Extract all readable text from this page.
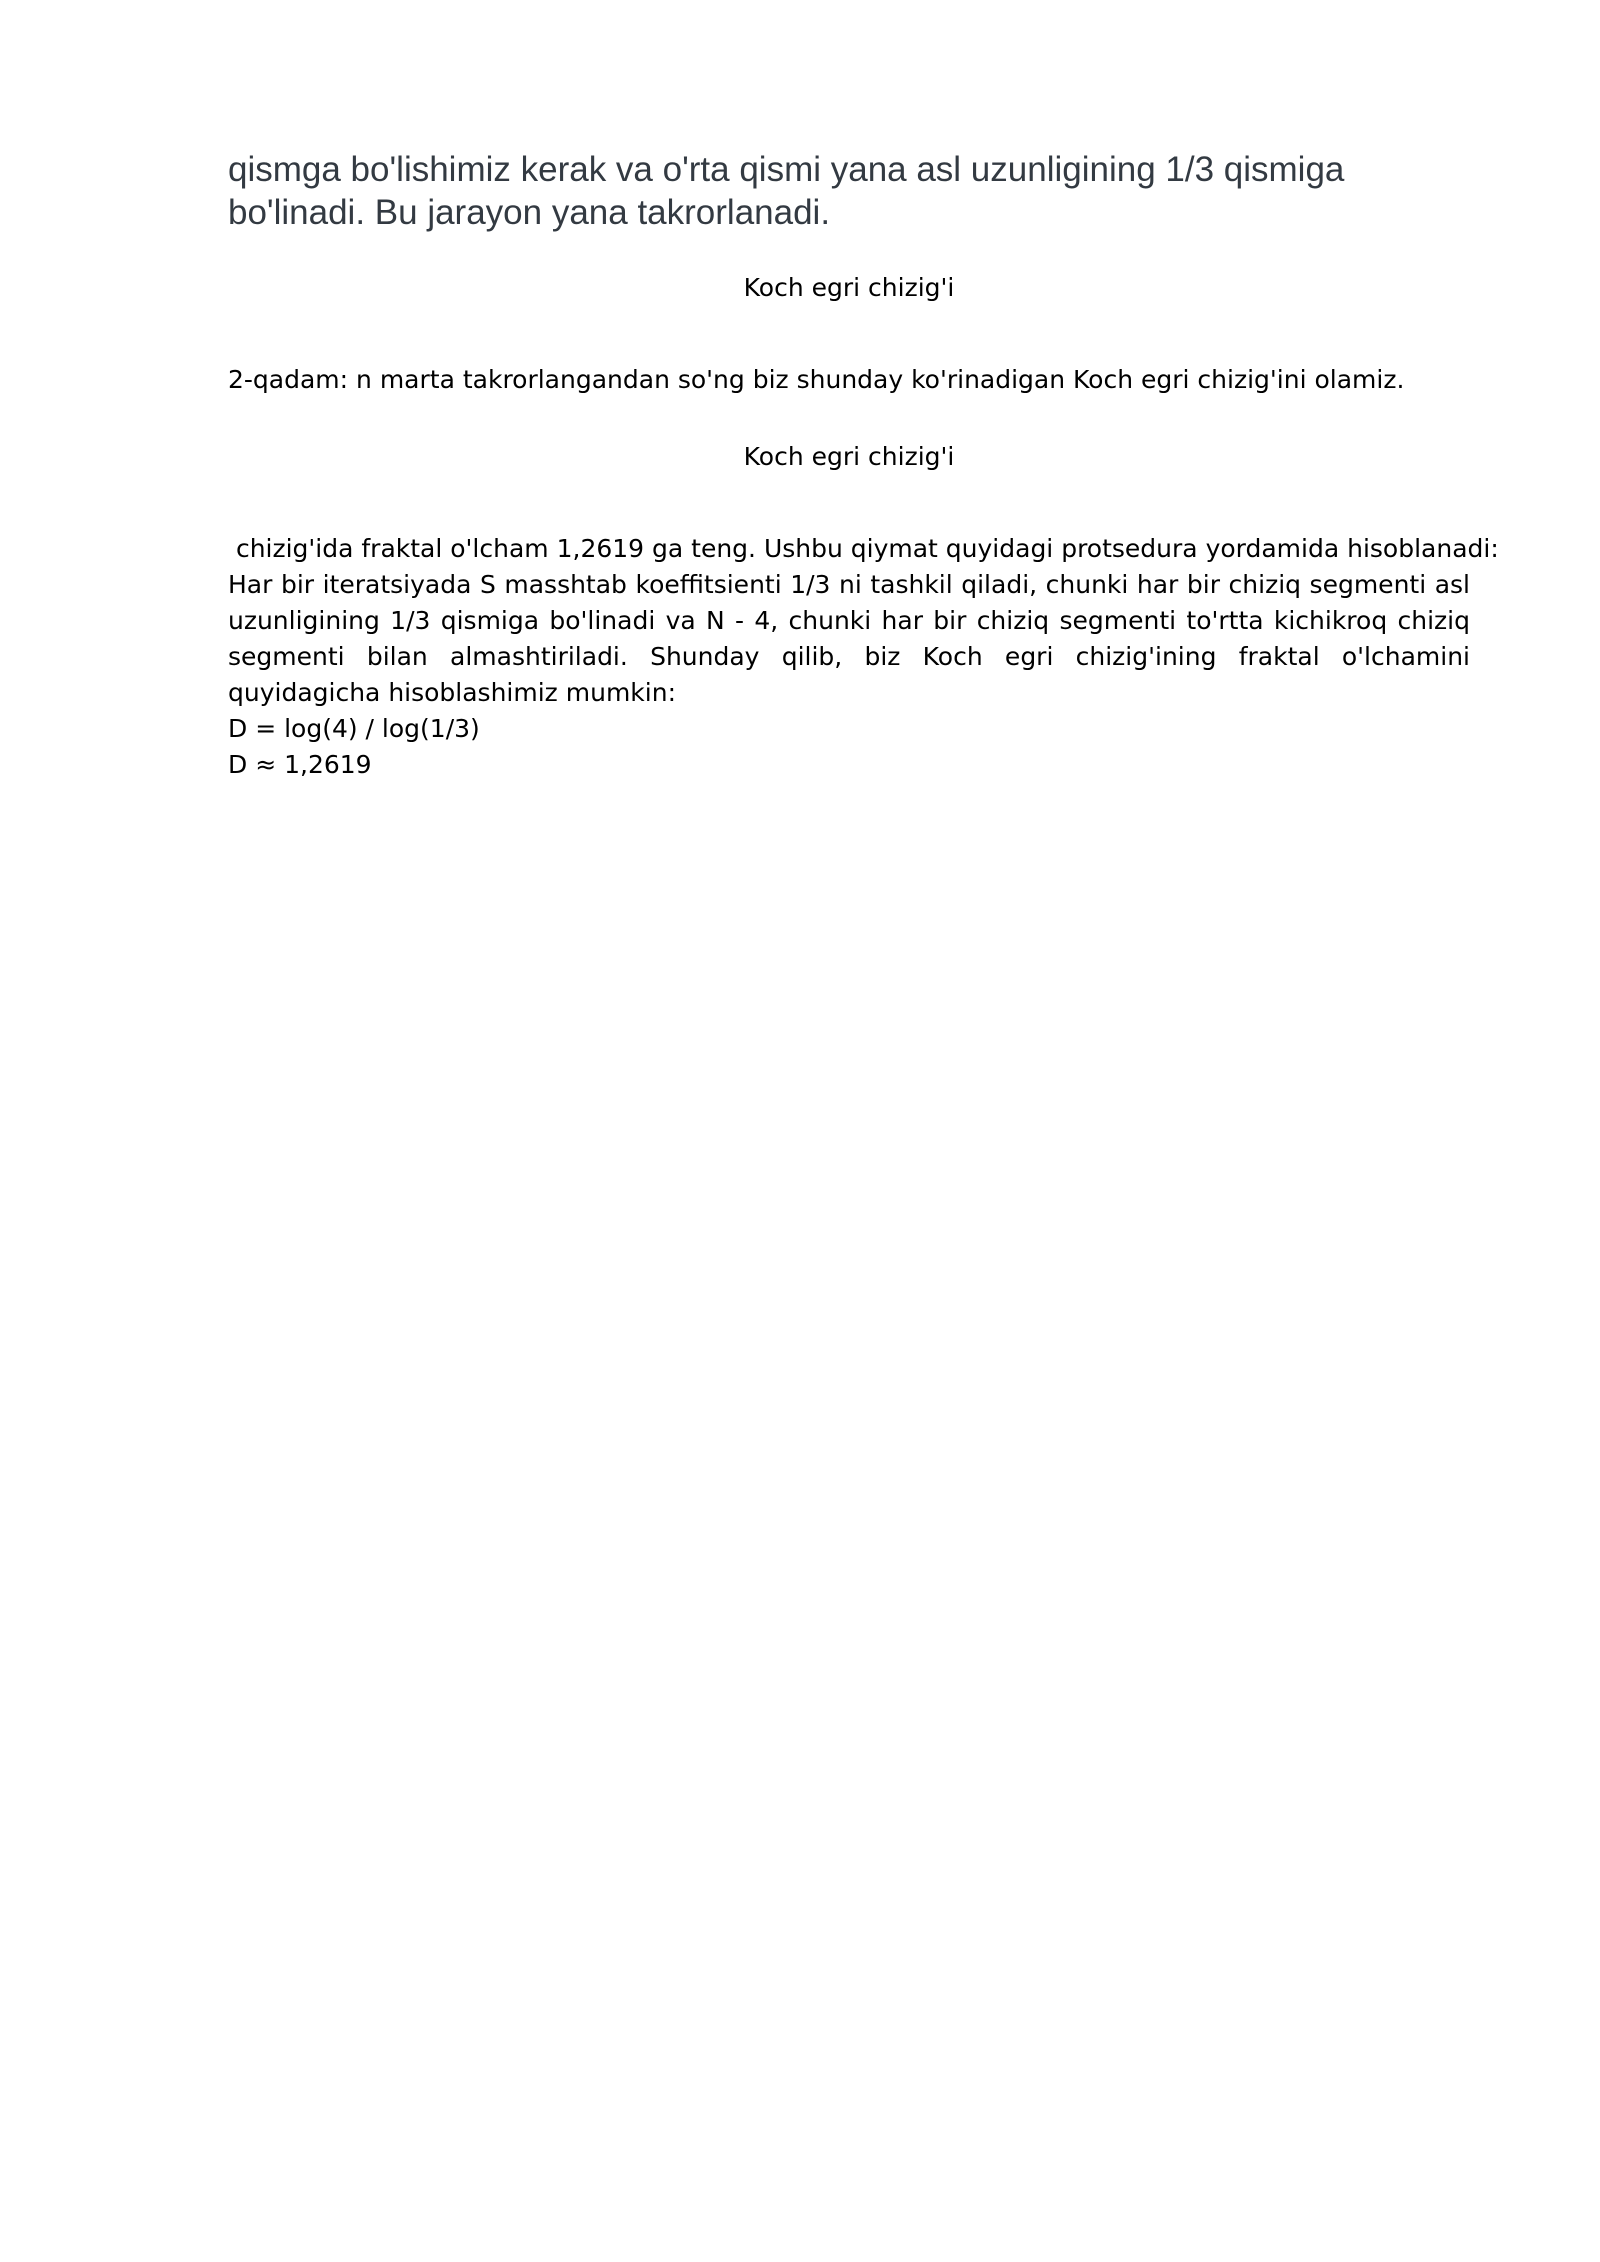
qismga bo'lishimiz kerak va o'rta qismi yana asl uzunligining 1/3 qismiga bo'linadi. Bu jarayon yana takrorlanadi.

Koch egri chizig'i

2-qadam: n marta takrorlangandan so'ng biz shunday ko'rinadigan Koch egri chizig'ini olamiz.

Koch egri chizig'i

chizig'ida fraktal o'lcham 1,2619 ga teng. Ushbu qiymat quyidagi protsedura yordamida hisoblanadi:

Har bir iteratsiyada S masshtab koeffitsienti 1/3 ni tashkil qiladi, chunki har bir chiziq segmenti asl uzunligining 1/3 qismiga bo'linadi va N - 4, chunki har bir chiziq segmenti to'rtta kichikroq chiziq segmenti bilan almashtiriladi. Shunday qilib, biz Koch egri chizig'ining fraktal o'lchamini quyidagicha hisoblashimiz mumkin:

D = log(4) / log(1/3)

D ≈ 1,2619
